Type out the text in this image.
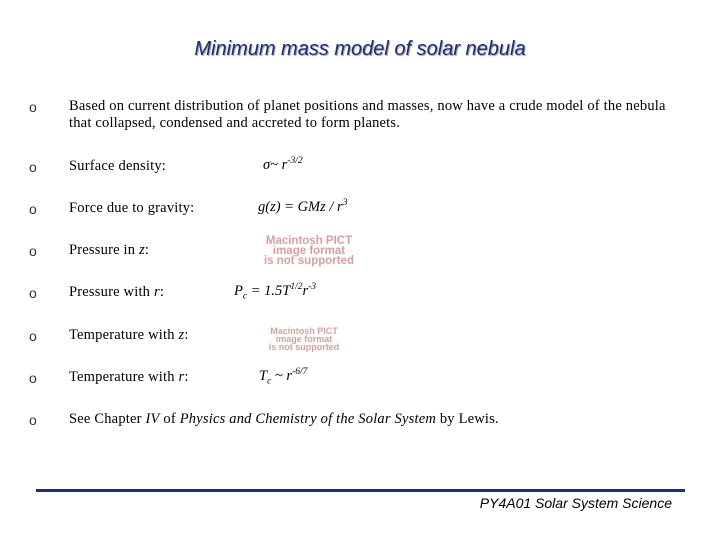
Minimum mass model of solar nebula
o Based on current distribution of planet positions and masses, now have a crude model of the nebula that collapsed, condensed and accreted to form planets.
o Surface density:	σ~ $r^{-3/2}$
o Force due to gravity:	g(z) = GMz / $r^3$
o Pressure in z:
Macintosh PICT
image format
is not supported
o Pressure with r:	$P_c = 1.5T^{1/2}r^{-3}$
o Temperature with z:	Macintosh PICT
image format
is not supported
o Temperature with r:	$T_c$ ~ $r^{-6/7}$
o See Chapter IV of Physics and Chemistry of the Solar System by Lewis.
PY4A01 Solar System Science
